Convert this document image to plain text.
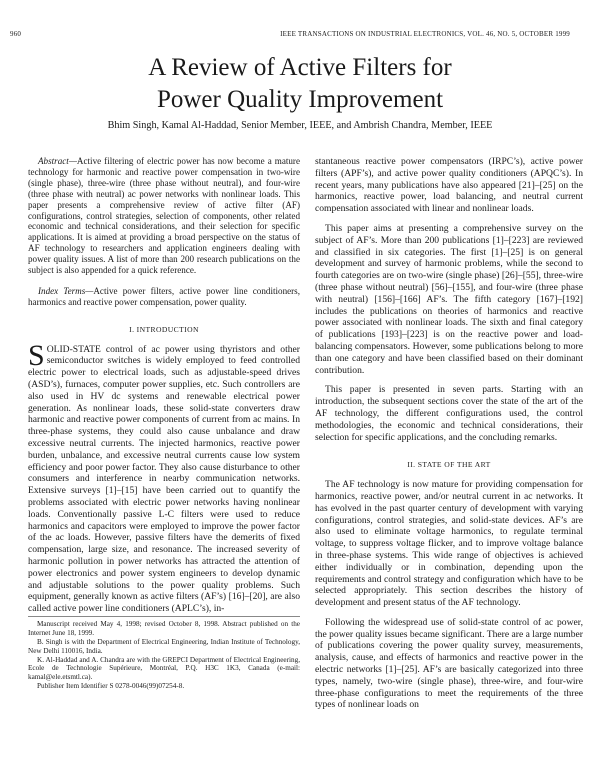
960	IEEE TRANSACTIONS ON INDUSTRIAL ELECTRONICS, VOL. 46, NO. 5, OCTOBER 1999
A Review of Active Filters for
Power Quality Improvement
Bhim Singh, Kamal Al-Haddad, Senior Member, IEEE, and Ambrish Chandra, Member, IEEE

Abstract—Active filtering of electric power has now become a mature technology for harmonic and reactive power compensation in two-wire (single phase), three-wire (three phase without neutral), and four-wire (three phase with neutral) ac power networks with nonlinear loads. This paper presents a comprehensive review of active filter (AF) configurations, control strategies, selection of components, other related economic and technical considerations, and their selection for specific applications. It is aimed at providing a broad perspective on the status of AF technology to researchers and application engineers dealing with power quality issues. A list of more than 200 research publications on the subject is also appended for a quick reference.

Index Terms—Active power filters, active power line conditioners, harmonics and reactive power compensation, power quality.

I. INTRODUCTION

SOLID-STATE control of ac power using thyristors and other semiconductor switches is widely employed to feed controlled electric power to electrical loads, such as adjustable-speed drives (ASD’s), furnaces, computer power supplies, etc. Such controllers are also used in HV dc systems and renewable electrical power generation. As nonlinear loads, these solid-state converters draw harmonic and reactive power components of current from ac mains. In three-phase systems, they could also cause unbalance and draw excessive neutral currents. The injected harmonics, reactive power burden, unbalance, and excessive neutral currents cause low system efficiency and poor power factor. They also cause disturbance to other consumers and interference in nearby communication networks. Extensive surveys [1]–[15] have been carried out to quantify the problems associated with electric power networks having nonlinear loads. Conventionally passive L-C filters were used to reduce harmonics and capacitors were employed to improve the power factor of the ac loads. However, passive filters have the demerits of fixed compensation, large size, and resonance. The increased severity of harmonic pollution in power networks has attracted the attention of power electronics and power system engineers to develop dynamic and adjustable solutions to the power quality problems. Such equipment, generally known as active filters (AF’s) [16]–[20], are also called active power line conditioners (APLC’s), in-

Manuscript received May 4, 1998; revised October 8, 1998. Abstract published on the Internet June 18, 1999.

B. Singh is with the Department of Electrical Engineering, Indian Institute of Technology, New Delhi 110016, India.

K. Al-Haddad and A. Chandra are with the GREPCI Department of Electrical Engineering, Ecole de Technologie Supérieure, Montréal, P.Q. H3C 1K3, Canada (e-mail: kamal@ele.etsmtl.ca).

Publisher Item Identifier S 0278-0046(99)07254-8.

stantaneous reactive power compensators (IRPC’s), active power filters (APF’s), and active power quality conditioners (APQC’s). In recent years, many publications have also appeared [21]–[25] on the harmonics, reactive power, load balancing, and neutral current compensation associated with linear and nonlinear loads.

This paper aims at presenting a comprehensive survey on the subject of AF’s. More than 200 publications [1]–[223] are reviewed and classified in six categories. The first [1]–[25] is on general development and survey of harmonic problems, while the second to fourth categories are on two-wire (single phase) [26]–[55], three-wire (three phase without neutral) [56]–[155], and four-wire (three phase with neutral) [156]–[166] AF’s. The fifth category [167]–[192] includes the publications on theories of harmonics and reactive power associated with nonlinear loads. The sixth and final category of publications [193]–[223] is on the reactive power and load-balancing compensators. However, some publications belong to more than one category and have been classified based on their dominant contribution.

This paper is presented in seven parts. Starting with an introduction, the subsequent sections cover the state of the art of the AF technology, the different configurations used, the control methodologies, the economic and technical considerations, their selection for specific applications, and the concluding remarks.

II. STATE OF THE ART

The AF technology is now mature for providing compensation for harmonics, reactive power, and/or neutral current in ac networks. It has evolved in the past quarter century of development with varying configurations, control strategies, and solid-state devices. AF’s are also used to eliminate voltage harmonics, to regulate terminal voltage, to suppress voltage flicker, and to improve voltage balance in three-phase systems. This wide range of objectives is achieved either individually or in combination, depending upon the requirements and control strategy and configuration which have to be selected appropriately. This section describes the history of development and present status of the AF technology.

Following the widespread use of solid-state control of ac power, the power quality issues became significant. There are a large number of publications covering the power quality survey, measurements, analysis, cause, and effects of harmonics and reactive power in the electric networks [1]–[25]. AF’s are basically categorized into three types, namely, two-wire (single phase), three-wire, and four-wire three-phase configurations to meet the requirements of the three types of nonlinear loads on
